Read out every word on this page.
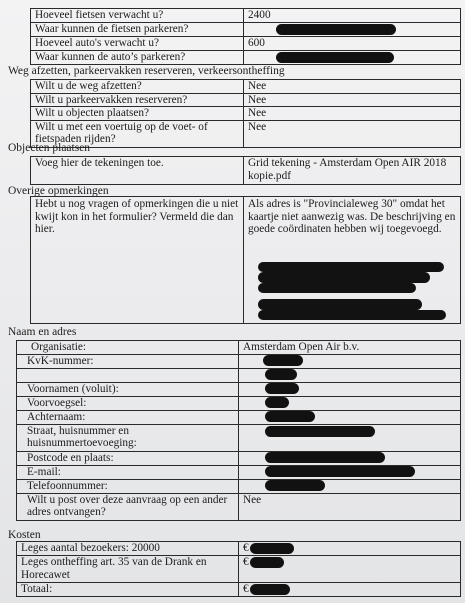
Hoeveel fietsen verwacht u?	2400
Waar kunnen de fietsen parkeren?	
Hoeveel auto's verwacht u?	600
Waar kunnen de auto’s parkeren?	
Weg afzetten, parkeervakken reserveren, verkeersontheffing
Wilt u de weg afzetten?	Nee
Wilt u parkeervakken reserveren?	Nee
Wilt u objecten plaatsen?	Nee
Wilt u met een voertuig op de voet- of fietspaden rijden?	Nee
Objecten plaatsen
Voeg hier de tekeningen toe.	Grid tekening - Amsterdam Open AIR 2018 kopie.pdf
Overige opmerkingen
Hebt u nog vragen of opmerkingen die u niet kwijt kon in het formulier? Vermeld die dan hier.	Als adres is "Provincialeweg 30" omdat het kaartje niet aanwezig was. De beschrijving en goede coördinaten hebben wij toegevoegd.
Naam en adres
Organisatie:	Amsterdam Open Air b.v.
KvK-nummer:	

Voornamen (voluit):	
Voorvoegsel:	
Achternaam:	
Straat, huisnummer en huisnummertoevoeging:	
Postcode en plaats:	
E-mail:	
Telefoonnummer:	
Wilt u post over deze aanvraag op een ander adres ontvangen?	Nee
Kosten
Leges aantal bezoekers: 20000	€
Leges ontheffing art. 35 van de Drank en Horecawet	€
Totaal:	€
